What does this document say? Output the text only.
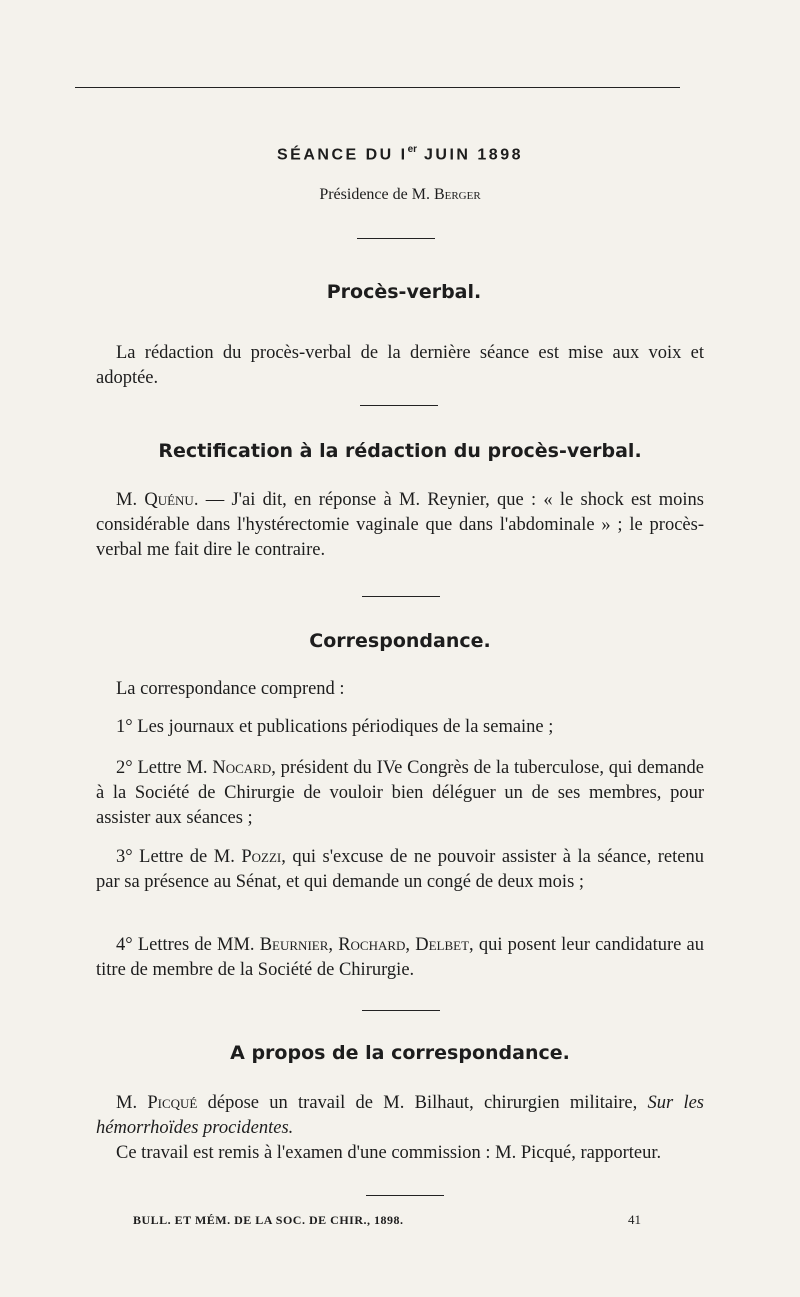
SÉANCE DU Ier JUIN 1898
Présidence de M. Berger
Procès-verbal.
La rédaction du procès-verbal de la dernière séance est mise aux voix et adoptée.
Rectification à la rédaction du procès-verbal.
M. Quénu. — J'ai dit, en réponse à M. Reynier, que : « le shock est moins considérable dans l'hystérectomie vaginale que dans l'abdominale » ; le procès-verbal me fait dire le contraire.
Correspondance.
La correspondance comprend :
1° Les journaux et publications périodiques de la semaine ;
2° Lettre M. Nocard, président du IVe Congrès de la tuberculose, qui demande à la Société de Chirurgie de vouloir bien déléguer un de ses membres, pour assister aux séances ;
3° Lettre de M. Pozzi, qui s'excuse de ne pouvoir assister à la séance, retenu par sa présence au Sénat, et qui demande un congé de deux mois ;
4° Lettres de MM. Beurnier, Rochard, Delbet, qui posent leur candidature au titre de membre de la Société de Chirurgie.
A propos de la correspondance.
M. Picqué dépose un travail de M. Bilhaut, chirurgien militaire, Sur les hémorrhoïdes procidentes.
Ce travail est remis à l'examen d'une commission : M. Picqué, rapporteur.
BULL. ET MÉM. DE LA SOC. DE CHIR., 1898.	41
